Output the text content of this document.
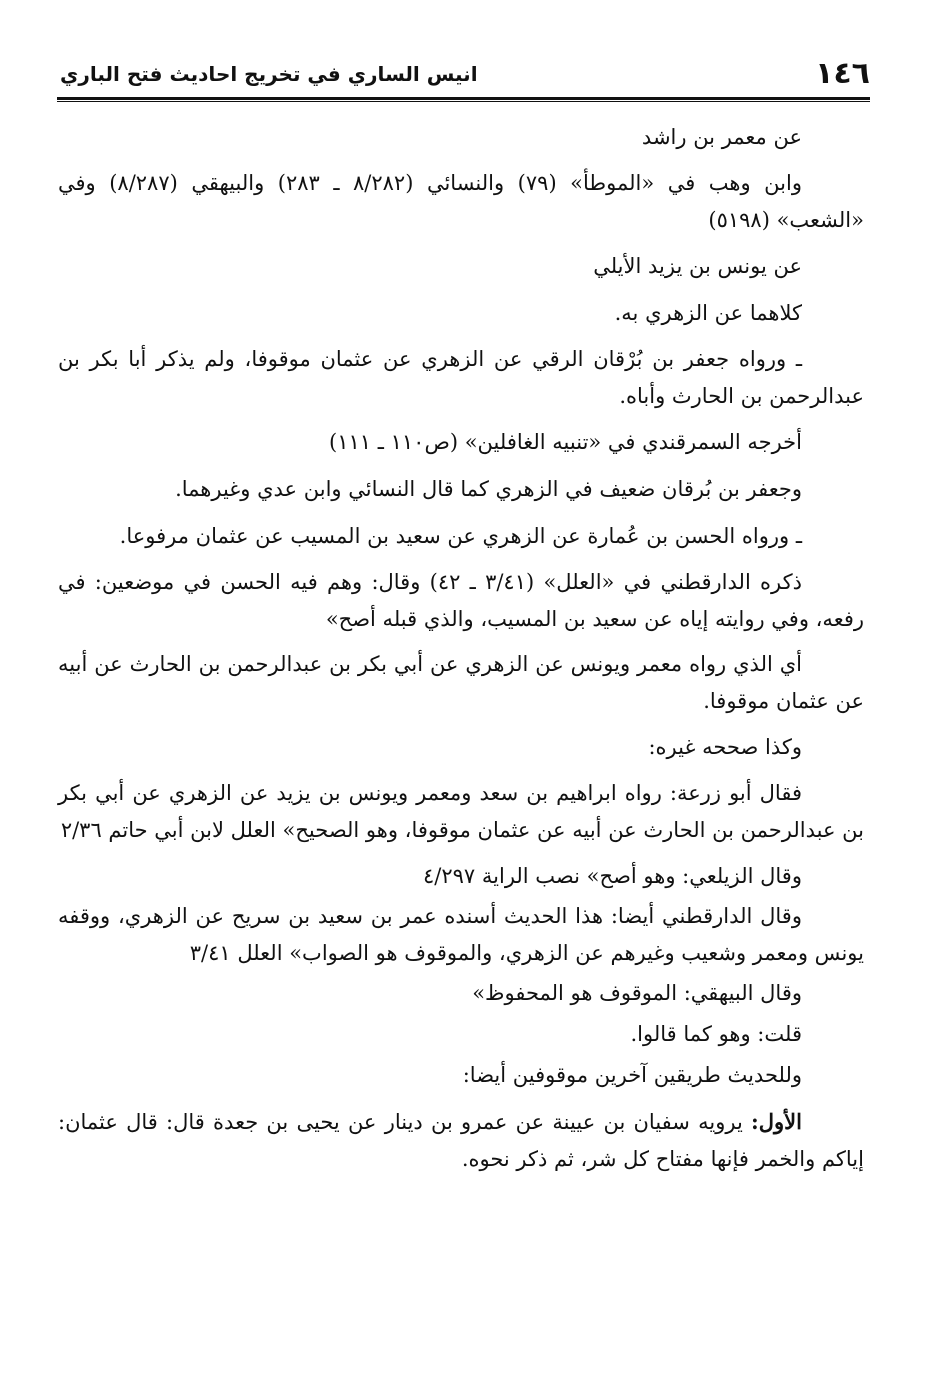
١٤٦
انيس الساري في تخريج احاديث فتح الباري

عن معمر بن راشد

وابن وهب في «الموطأ» (٧٩) والنسائي (٨/٢٨٢ ـ ٢٨٣) والبيهقي (٨/٢٨٧) وفي «الشعب» (٥١٩٨)

عن يونس بن يزيد الأيلي

كلاهما عن الزهري به.

ـ ورواه جعفر بن بُرْقان الرقي عن الزهري عن عثمان موقوفا، ولم يذكر أبا بكر بن عبدالرحمن بن الحارث وأباه.

أخرجه السمرقندي في «تنبيه الغافلين» (ص١١٠ ـ ١١١)

وجعفر بن بُرقان ضعيف في الزهري كما قال النسائي وابن عدي وغيرهما.

ـ ورواه الحسن بن عُمارة عن الزهري عن سعيد بن المسيب عن عثمان مرفوعا.

ذكره الدارقطني في «العلل» (٣/٤١ ـ ٤٢) وقال: وهم فيه الحسن في موضعين: في رفعه، وفي روايته إياه عن سعيد بن المسيب، والذي قبله أصح»

أي الذي رواه معمر ويونس عن الزهري عن أبي بكر بن عبدالرحمن بن الحارث عن أبيه عن عثمان موقوفا.

وكذا صححه غيره:

فقال أبو زرعة: رواه ابراهيم بن سعد ومعمر ويونس بن يزيد عن الزهري عن أبي بكر بن عبدالرحمن بن الحارث عن أبيه عن عثمان موقوفا، وهو الصحيح» العلل لابن أبي حاتم ٢/٣٦

وقال الزيلعي: وهو أصح» نصب الراية ٤/٢٩٧

وقال الدارقطني أيضا: هذا الحديث أسنده عمر بن سعيد بن سريح عن الزهري، ووقفه يونس ومعمر وشعيب وغيرهم عن الزهري، والموقوف هو الصواب» العلل ٣/٤١

وقال البيهقي: الموقوف هو المحفوظ»

قلت: وهو كما قالوا.

وللحديث طريقين آخرين موقوفين أيضا:

الأول: يرويه سفيان بن عيينة عن عمرو بن دينار عن يحيى بن جعدة قال: قال عثمان: إياكم والخمر فإنها مفتاح كل شر، ثم ذكر نحوه.
